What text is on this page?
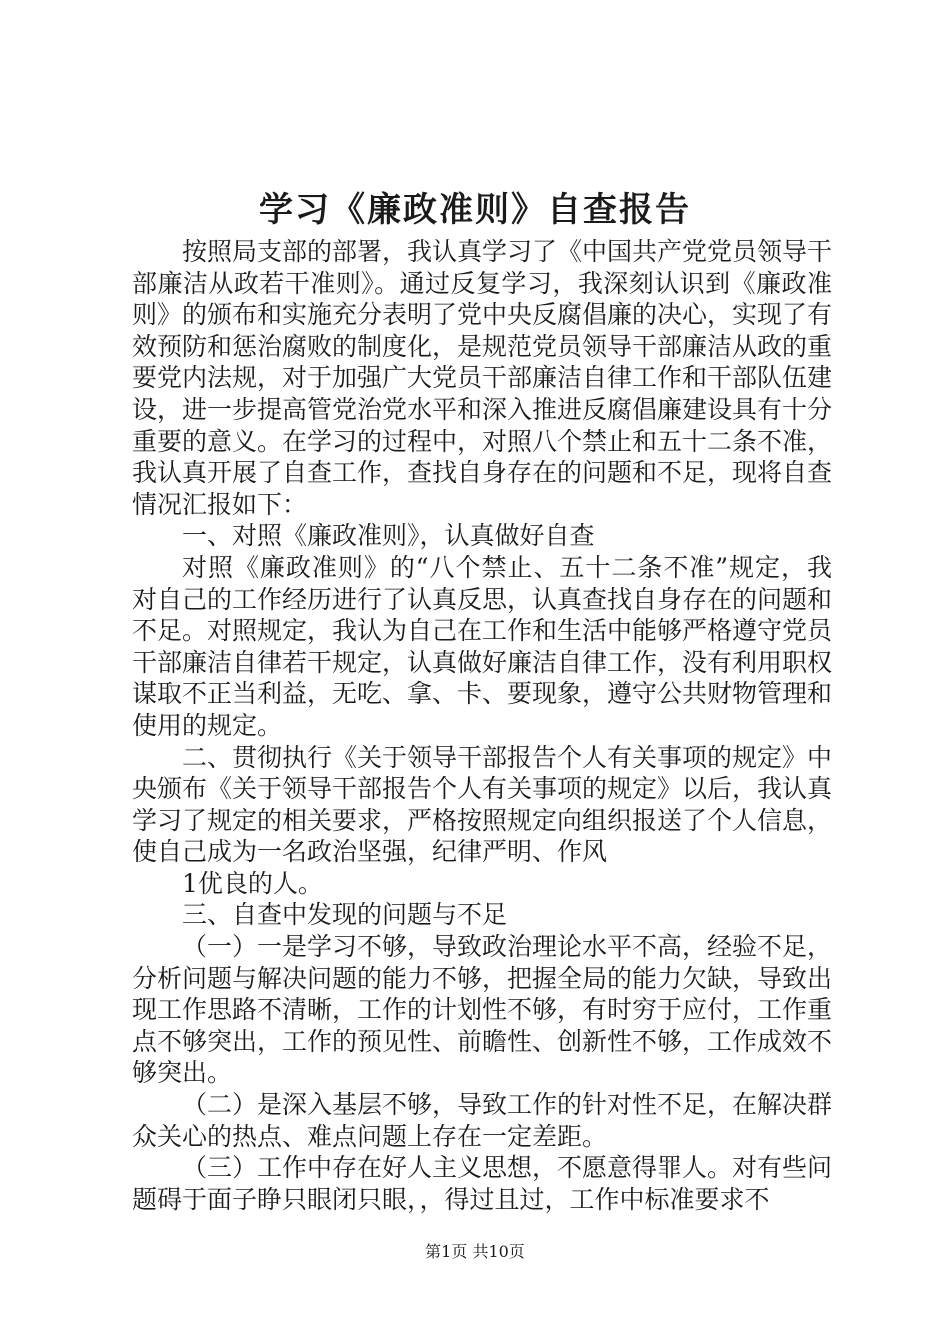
学习《廉政准则》自查报告

按照局支部的部署，我认真学习了《中国共产党党员领导干部廉洁从政若干准则》。通过反复学习，我深刻认识到《廉政准则》的颁布和实施充分表明了党中央反腐倡廉的决心，实现了有效预防和惩治腐败的制度化，是规范党员领导干部廉洁从政的重要党内法规，对于加强广大党员干部廉洁自律工作和干部队伍建设，进一步提高管党治党水平和深入推进反腐倡廉建设具有十分重要的意义。在学习的过程中，对照八个禁止和五十二条不准，我认真开展了自查工作，查找自身存在的问题和不足，现将自查情况汇报如下：

一、对照《廉政准则》，认真做好自查

对照《廉政准则》的“八个禁止、五十二条不准”规定，我对自己的工作经历进行了认真反思，认真查找自身存在的问题和不足。对照规定，我认为自己在工作和生活中能够严格遵守党员干部廉洁自律若干规定，认真做好廉洁自律工作，没有利用职权谋取不正当利益，无吃、拿、卡、要现象，遵守公共财物管理和使用的规定。

二、贯彻执行《关于领导干部报告个人有关事项的规定》中央颁布《关于领导干部报告个人有关事项的规定》以后，我认真学习了规定的相关要求，严格按照规定向组织报送了个人信息，使自己成为一名政治坚强，纪律严明、作风

1优良的人。

三、自查中发现的问题与不足

（一）一是学习不够，导致政治理论水平不高，经验不足，分析问题与解决问题的能力不够，把握全局的能力欠缺，导致出现工作思路不清晰，工作的计划性不够，有时穷于应付，工作重点不够突出，工作的预见性、前瞻性、创新性不够，工作成效不够突出。

（二）是深入基层不够，导致工作的针对性不足，在解决群众关心的热点、难点问题上存在一定差距。

（三）工作中存在好人主义思想，不愿意得罪人。对有些问题碍于面子睁只眼闭只眼，，得过且过，工作中标准要求不

第1页 共10页
